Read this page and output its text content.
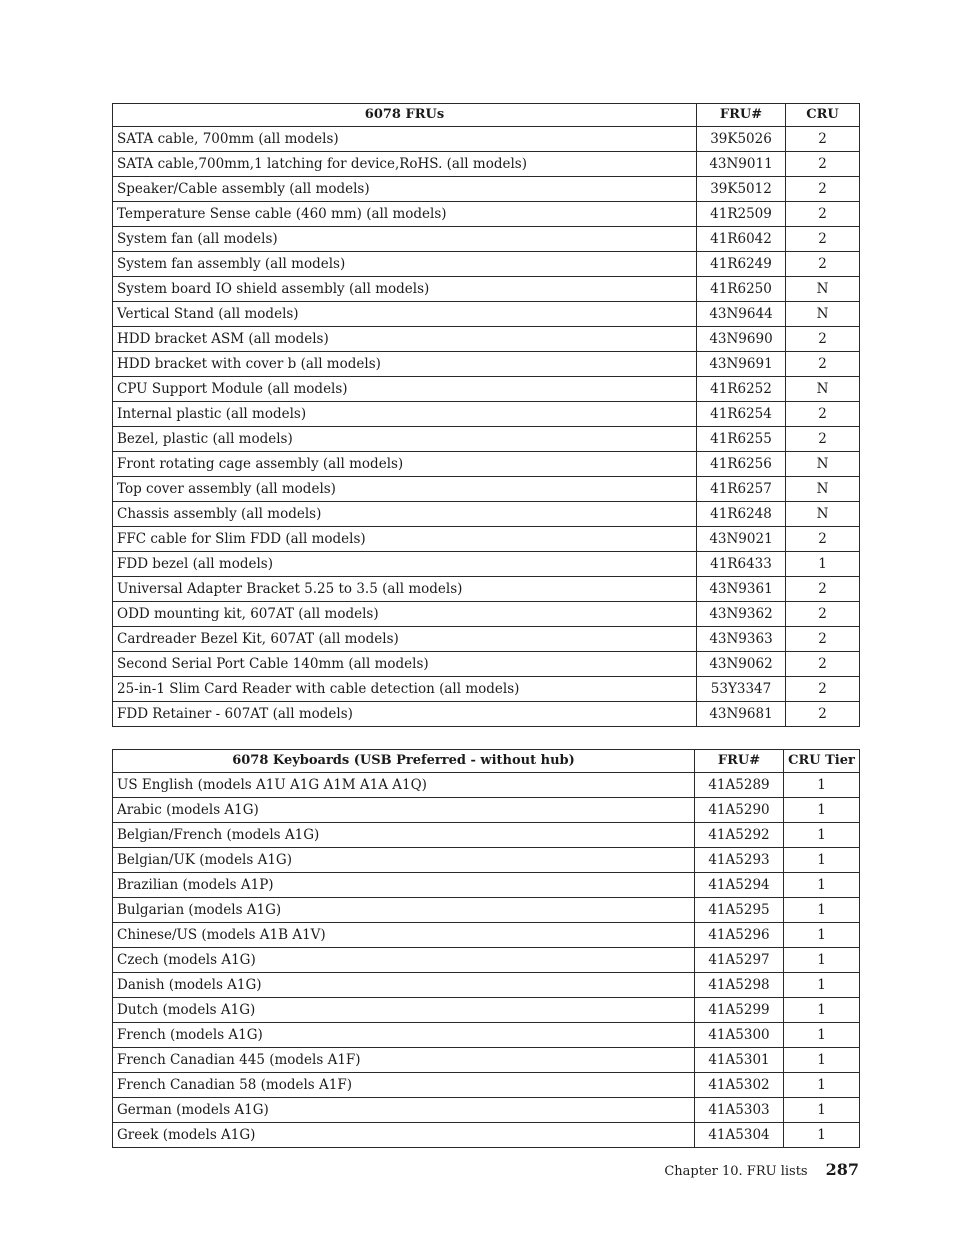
6078 FRUs	FRU#	CRU
SATA cable, 700mm (all models)	39K5026	2
SATA cable,700mm,1 latching for device,RoHS. (all models)	43N9011	2
Speaker/Cable assembly (all models)	39K5012	2
Temperature Sense cable (460 mm) (all models)	41R2509	2
System fan (all models)	41R6042	2
System fan assembly (all models)	41R6249	2
System board IO shield assembly (all models)	41R6250	N
Vertical Stand (all models)	43N9644	N
HDD bracket ASM (all models)	43N9690	2
HDD bracket with cover b (all models)	43N9691	2
CPU Support Module (all models)	41R6252	N
Internal plastic (all models)	41R6254	2
Bezel, plastic (all models)	41R6255	2
Front rotating cage assembly (all models)	41R6256	N
Top cover assembly (all models)	41R6257	N
Chassis assembly (all models)	41R6248	N
FFC cable for Slim FDD (all models)	43N9021	2
FDD bezel (all models)	41R6433	1
Universal Adapter Bracket 5.25 to 3.5 (all models)	43N9361	2
ODD mounting kit, 607AT (all models)	43N9362	2
Cardreader Bezel Kit, 607AT (all models)	43N9363	2
Second Serial Port Cable 140mm (all models)	43N9062	2
25-in-1 Slim Card Reader with cable detection (all models)	53Y3347	2
FDD Retainer - 607AT (all models)	43N9681	2
6078 Keyboards (USB Preferred - without hub)	FRU#	CRU Tier
US English (models A1U A1G A1M A1A A1Q)	41A5289	1
Arabic (models A1G)	41A5290	1
Belgian/French (models A1G)	41A5292	1
Belgian/UK (models A1G)	41A5293	1
Brazilian (models A1P)	41A5294	1
Bulgarian (models A1G)	41A5295	1
Chinese/US (models A1B A1V)	41A5296	1
Czech (models A1G)	41A5297	1
Danish (models A1G)	41A5298	1
Dutch (models A1G)	41A5299	1
French (models A1G)	41A5300	1
French Canadian 445 (models A1F)	41A5301	1
French Canadian 58 (models A1F)	41A5302	1
German (models A1G)	41A5303	1
Greek (models A1G)	41A5304	1
Chapter 10. FRU lists 287
